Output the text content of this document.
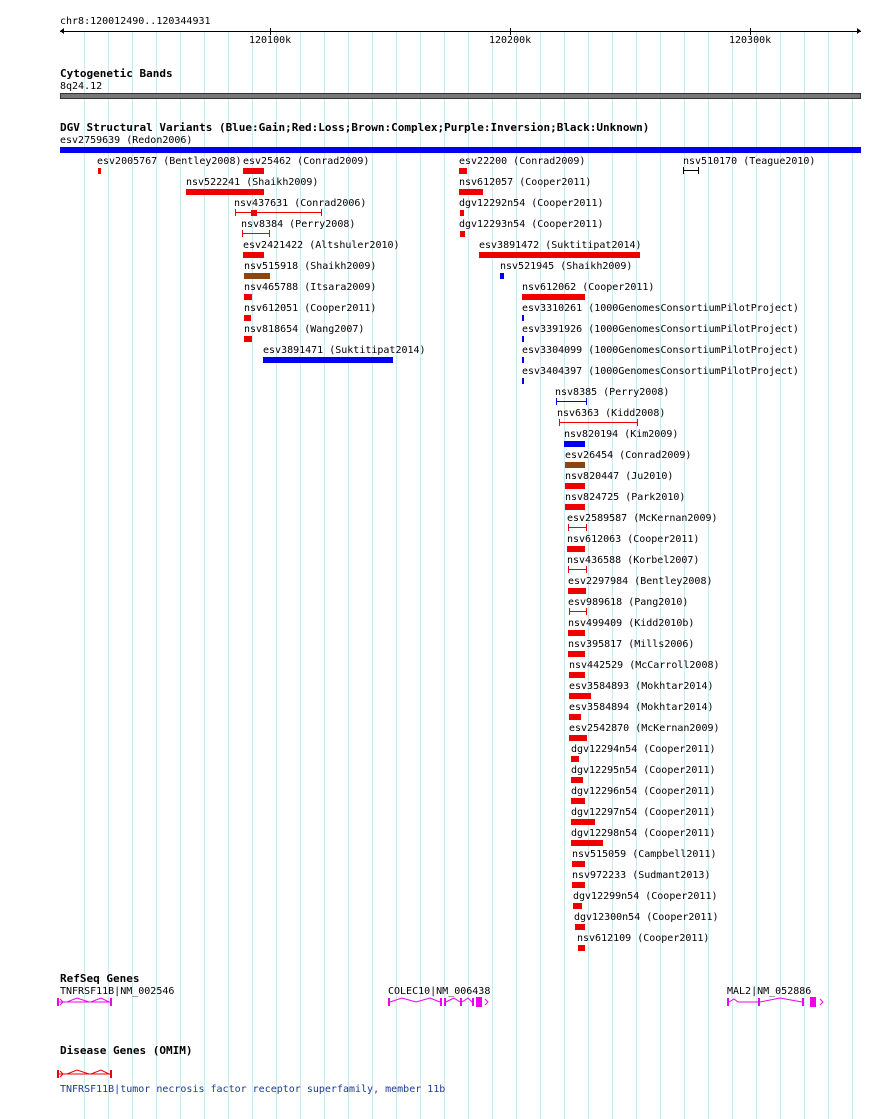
chr8:120012490..120344931
120100k	120200k	120300k
Cytogenetic Bands
8q24.12
DGV Structural Variants (Blue:Gain;Red:Loss;Brown:Complex;Purple:Inversion;Black:Unknown)
esv2759639 (Redon2006)
esv2005767 (Bentley2008) esv25462 (Conrad2009)	esv22200 (Conrad2009)	nsv510170 (Teague2010)
nsv522241 (Shaikh2009)	nsv612057 (Cooper2011)
nsv437631 (Conrad2006)	dgv12292n54 (Cooper2011)
nsv8384 (Perry2008)	dgv12293n54 (Cooper2011)
esv2421422 (Altshuler2010)	esv3891472 (Suktitipat2014)
nsv515918 (Shaikh2009)	nsv521945 (Shaikh2009)
nsv465788 (Itsara2009)	nsv612062 (Cooper2011)
nsv612051 (Cooper2011)	esv3310261 (1000GenomesConsortiumPilotProject)
nsv818654 (Wang2007)	esv3391926 (1000GenomesConsortiumPilotProject)
esv3891471 (Suktitipat2014)	esv3304099 (1000GenomesConsortiumPilotProject)
esv3404397 (1000GenomesConsortiumPilotProject)
nsv8385 (Perry2008)
nsv6363 (Kidd2008)
nsv820194 (Kim2009)
esv26454 (Conrad2009)
nsv820447 (Ju2010)
nsv824725 (Park2010)
esv2589587 (McKernan2009)
nsv612063 (Cooper2011)
nsv436588 (Korbel2007)
esv2297984 (Bentley2008)
esv989618 (Pang2010)
nsv499409 (Kidd2010b)
nsv395817 (Mills2006)
nsv442529 (McCarroll2008)
esv3584893 (Mokhtar2014)
esv3584894 (Mokhtar2014)
esv2542870 (McKernan2009)
dgv12294n54 (Cooper2011)
dgv12295n54 (Cooper2011)
dgv12296n54 (Cooper2011)
dgv12297n54 (Cooper2011)
dgv12298n54 (Cooper2011)
nsv515059 (Campbell2011)
nsv972233 (Sudmant2013)
dgv12299n54 (Cooper2011)
dgv12300n54 (Cooper2011)
nsv612109 (Cooper2011)
RefSeq Genes
TNFRSF11B|NM_002546	COLEC10|NM_006438	MAL2|NM_052886
Disease Genes (OMIM)
TNFRSF11B|tumor necrosis factor receptor superfamily, member 11b
